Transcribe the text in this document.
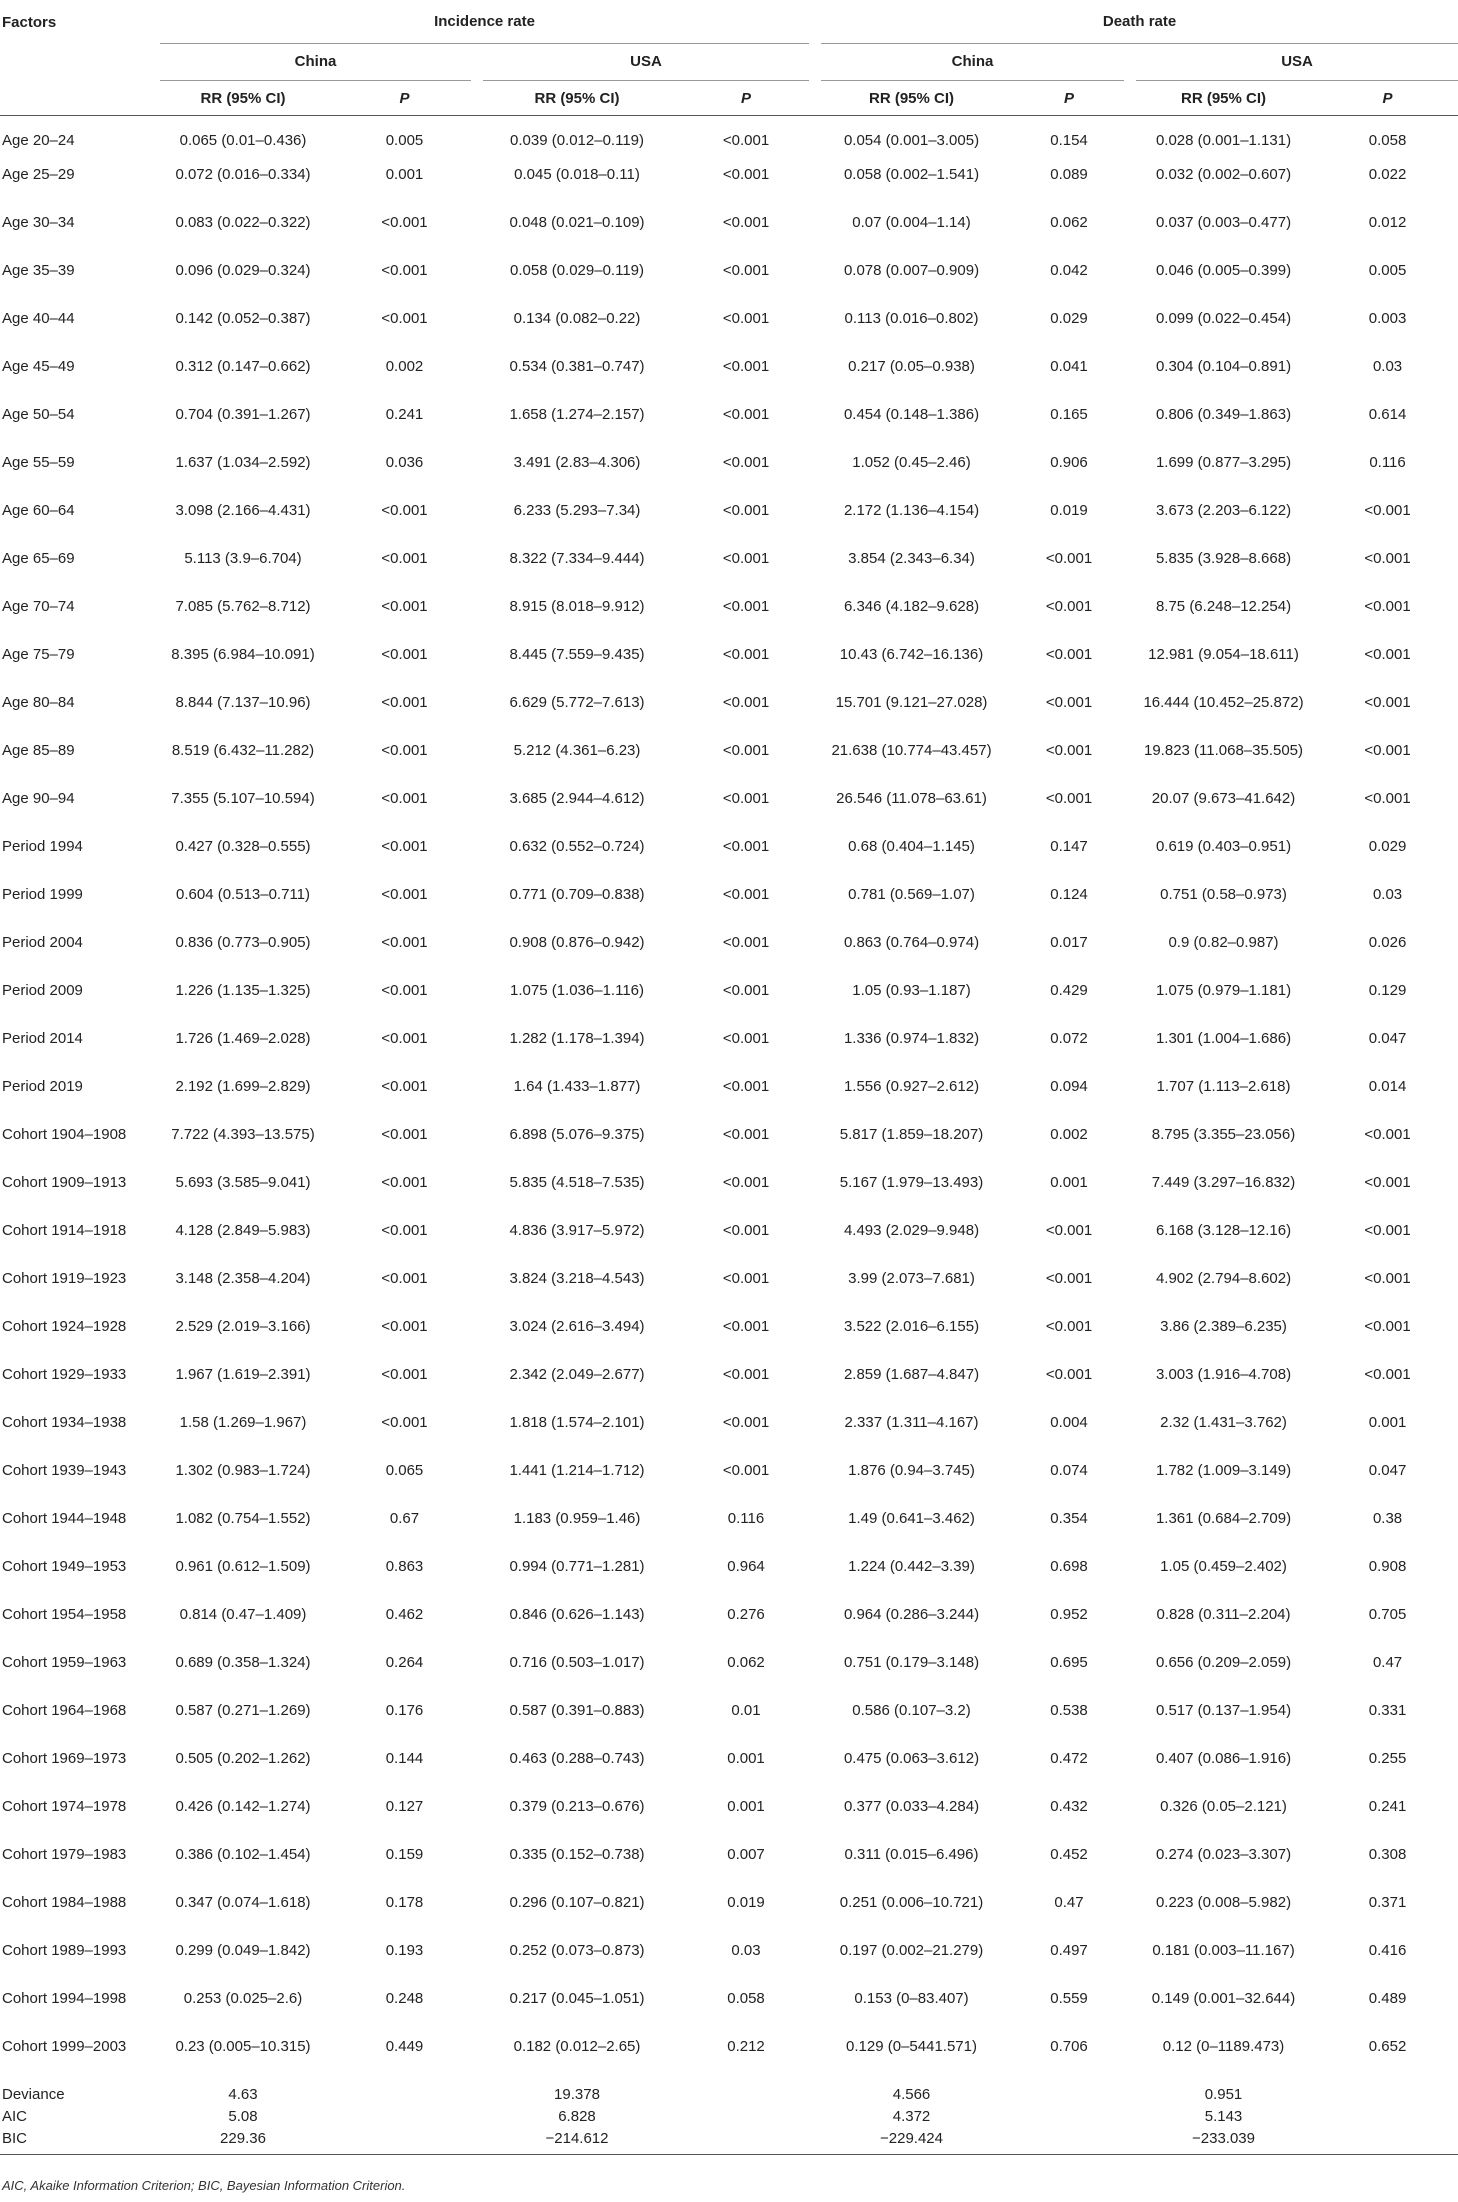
Factors	Incidence rate				Death rate			

	China		USA		China		USA	

	RR (95% CI)	P	RR (95% CI)	P	RR (95% CI)	P	RR (95% CI)	P
Age 20–24	0.065 (0.01–0.436)	0.005	0.039 (0.012–0.119)	<0.001	0.054 (0.001–3.005)	0.154	0.028 (0.001–1.131)	0.058
Age 25–29	0.072 (0.016–0.334)	0.001	0.045 (0.018–0.11)	<0.001	0.058 (0.002–1.541)	0.089	0.032 (0.002–0.607)	0.022
Age 30–34	0.083 (0.022–0.322)	<0.001	0.048 (0.021–0.109)	<0.001	0.07 (0.004–1.14)	0.062	0.037 (0.003–0.477)	0.012
Age 35–39	0.096 (0.029–0.324)	<0.001	0.058 (0.029–0.119)	<0.001	0.078 (0.007–0.909)	0.042	0.046 (0.005–0.399)	0.005
Age 40–44	0.142 (0.052–0.387)	<0.001	0.134 (0.082–0.22)	<0.001	0.113 (0.016–0.802)	0.029	0.099 (0.022–0.454)	0.003
Age 45–49	0.312 (0.147–0.662)	0.002	0.534 (0.381–0.747)	<0.001	0.217 (0.05–0.938)	0.041	0.304 (0.104–0.891)	0.03
Age 50–54	0.704 (0.391–1.267)	0.241	1.658 (1.274–2.157)	<0.001	0.454 (0.148–1.386)	0.165	0.806 (0.349–1.863)	0.614
Age 55–59	1.637 (1.034–2.592)	0.036	3.491 (2.83–4.306)	<0.001	1.052 (0.45–2.46)	0.906	1.699 (0.877–3.295)	0.116
Age 60–64	3.098 (2.166–4.431)	<0.001	6.233 (5.293–7.34)	<0.001	2.172 (1.136–4.154)	0.019	3.673 (2.203–6.122)	<0.001
Age 65–69	5.113 (3.9–6.704)	<0.001	8.322 (7.334–9.444)	<0.001	3.854 (2.343–6.34)	<0.001	5.835 (3.928–8.668)	<0.001
Age 70–74	7.085 (5.762–8.712)	<0.001	8.915 (8.018–9.912)	<0.001	6.346 (4.182–9.628)	<0.001	8.75 (6.248–12.254)	<0.001
Age 75–79	8.395 (6.984–10.091)	<0.001	8.445 (7.559–9.435)	<0.001	10.43 (6.742–16.136)	<0.001	12.981 (9.054–18.611)	<0.001
Age 80–84	8.844 (7.137–10.96)	<0.001	6.629 (5.772–7.613)	<0.001	15.701 (9.121–27.028)	<0.001	16.444 (10.452–25.872)	<0.001
Age 85–89	8.519 (6.432–11.282)	<0.001	5.212 (4.361–6.23)	<0.001	21.638 (10.774–43.457)	<0.001	19.823 (11.068–35.505)	<0.001
Age 90–94	7.355 (5.107–10.594)	<0.001	3.685 (2.944–4.612)	<0.001	26.546 (11.078–63.61)	<0.001	20.07 (9.673–41.642)	<0.001
Period 1994	0.427 (0.328–0.555)	<0.001	0.632 (0.552–0.724)	<0.001	0.68 (0.404–1.145)	0.147	0.619 (0.403–0.951)	0.029
Period 1999	0.604 (0.513–0.711)	<0.001	0.771 (0.709–0.838)	<0.001	0.781 (0.569–1.07)	0.124	0.751 (0.58–0.973)	0.03
Period 2004	0.836 (0.773–0.905)	<0.001	0.908 (0.876–0.942)	<0.001	0.863 (0.764–0.974)	0.017	0.9 (0.82–0.987)	0.026
Period 2009	1.226 (1.135–1.325)	<0.001	1.075 (1.036–1.116)	<0.001	1.05 (0.93–1.187)	0.429	1.075 (0.979–1.181)	0.129
Period 2014	1.726 (1.469–2.028)	<0.001	1.282 (1.178–1.394)	<0.001	1.336 (0.974–1.832)	0.072	1.301 (1.004–1.686)	0.047
Period 2019	2.192 (1.699–2.829)	<0.001	1.64 (1.433–1.877)	<0.001	1.556 (0.927–2.612)	0.094	1.707 (1.113–2.618)	0.014
Cohort 1904–1908	7.722 (4.393–13.575)	<0.001	6.898 (5.076–9.375)	<0.001	5.817 (1.859–18.207)	0.002	8.795 (3.355–23.056)	<0.001
Cohort 1909–1913	5.693 (3.585–9.041)	<0.001	5.835 (4.518–7.535)	<0.001	5.167 (1.979–13.493)	0.001	7.449 (3.297–16.832)	<0.001
Cohort 1914–1918	4.128 (2.849–5.983)	<0.001	4.836 (3.917–5.972)	<0.001	4.493 (2.029–9.948)	<0.001	6.168 (3.128–12.16)	<0.001
Cohort 1919–1923	3.148 (2.358–4.204)	<0.001	3.824 (3.218–4.543)	<0.001	3.99 (2.073–7.681)	<0.001	4.902 (2.794–8.602)	<0.001
Cohort 1924–1928	2.529 (2.019–3.166)	<0.001	3.024 (2.616–3.494)	<0.001	3.522 (2.016–6.155)	<0.001	3.86 (2.389–6.235)	<0.001
Cohort 1929–1933	1.967 (1.619–2.391)	<0.001	2.342 (2.049–2.677)	<0.001	2.859 (1.687–4.847)	<0.001	3.003 (1.916–4.708)	<0.001
Cohort 1934–1938	1.58 (1.269–1.967)	<0.001	1.818 (1.574–2.101)	<0.001	2.337 (1.311–4.167)	0.004	2.32 (1.431–3.762)	0.001
Cohort 1939–1943	1.302 (0.983–1.724)	0.065	1.441 (1.214–1.712)	<0.001	1.876 (0.94–3.745)	0.074	1.782 (1.009–3.149)	0.047
Cohort 1944–1948	1.082 (0.754–1.552)	0.67	1.183 (0.959–1.46)	0.116	1.49 (0.641–3.462)	0.354	1.361 (0.684–2.709)	0.38
Cohort 1949–1953	0.961 (0.612–1.509)	0.863	0.994 (0.771–1.281)	0.964	1.224 (0.442–3.39)	0.698	1.05 (0.459–2.402)	0.908
Cohort 1954–1958	0.814 (0.47–1.409)	0.462	0.846 (0.626–1.143)	0.276	0.964 (0.286–3.244)	0.952	0.828 (0.311–2.204)	0.705
Cohort 1959–1963	0.689 (0.358–1.324)	0.264	0.716 (0.503–1.017)	0.062	0.751 (0.179–3.148)	0.695	0.656 (0.209–2.059)	0.47
Cohort 1964–1968	0.587 (0.271–1.269)	0.176	0.587 (0.391–0.883)	0.01	0.586 (0.107–3.2)	0.538	0.517 (0.137–1.954)	0.331
Cohort 1969–1973	0.505 (0.202–1.262)	0.144	0.463 (0.288–0.743)	0.001	0.475 (0.063–3.612)	0.472	0.407 (0.086–1.916)	0.255
Cohort 1974–1978	0.426 (0.142–1.274)	0.127	0.379 (0.213–0.676)	0.001	0.377 (0.033–4.284)	0.432	0.326 (0.05–2.121)	0.241
Cohort 1979–1983	0.386 (0.102–1.454)	0.159	0.335 (0.152–0.738)	0.007	0.311 (0.015–6.496)	0.452	0.274 (0.023–3.307)	0.308
Cohort 1984–1988	0.347 (0.074–1.618)	0.178	0.296 (0.107–0.821)	0.019	0.251 (0.006–10.721)	0.47	0.223 (0.008–5.982)	0.371
Cohort 1989–1993	0.299 (0.049–1.842)	0.193	0.252 (0.073–0.873)	0.03	0.197 (0.002–21.279)	0.497	0.181 (0.003–11.167)	0.416
Cohort 1994–1998	0.253 (0.025–2.6)	0.248	0.217 (0.045–1.051)	0.058	0.153 (0–83.407)	0.559	0.149 (0.001–32.644)	0.489
Cohort 1999–2003	0.23 (0.005–10.315)	0.449	0.182 (0.012–2.65)	0.212	0.129 (0–5441.571)	0.706	0.12 (0–1189.473)	0.652
Deviance	4.63		19.378		4.566		0.951	
AIC	5.08		6.828		4.372		5.143	
BIC	229.36		−214.612		−229.424		−233.039	
AIC, Akaike Information Criterion; BIC, Bayesian Information Criterion.
